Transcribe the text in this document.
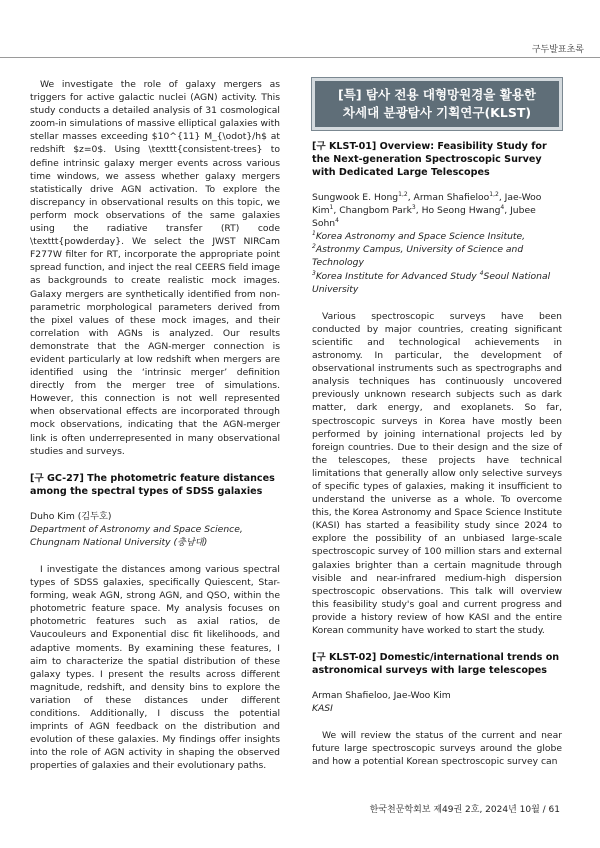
구두발표초록

We investigate the role of galaxy mergers as triggers for active galactic nuclei (AGN) activity. This study conducts a detailed analysis of 31 cosmological zoom-in simulations of massive elliptical galaxies with stellar masses exceeding $10^{11} M_{\odot}/h$ at redshift $z=0$. Using \texttt{consistent-trees} to define intrinsic galaxy merger events across various time windows, we assess whether galaxy mergers statistically drive AGN activation. To explore the discrepancy in observational results on this topic, we perform mock observations of the same galaxies using the radiative transfer (RT) code \texttt{powderday}. We select the JWST NIRCam F277W filter for RT, incorporate the appropriate point spread function, and inject the real CEERS field image as backgrounds to create realistic mock images. Galaxy mergers are synthetically identified from non-parametric morphological parameters derived from the pixel values of these mock images, and their correlation with AGNs is analyzed. Our results demonstrate that the AGN-merger connection is evident particularly at low redshift when mergers are identified using the ‘intrinsic merger’ definition directly from the merger tree of simulations. However, this connection is not well represented when observational effects are incorporated through mock observations, indicating that the AGN-merger link is often underrepresented in many observational studies and surveys.

[구 GC-27] The photometric feature distances among the spectral types of SDSS galaxies

Duho Kim (김두호)

Department of Astronomy and Space Science,
Chungnam National University (충남대)

I investigate the distances among various spectral types of SDSS galaxies, specifically Quiescent, Star-forming, weak AGN, strong AGN, and QSO, within the photometric feature space. My analysis focuses on photometric features such as axial ratios, de Vaucouleurs and Exponential disc fit likelihoods, and adaptive moments. By examining these features, I aim to characterize the spatial distribution of these galaxy types. I present the results across different magnitude, redshift, and density bins to explore the variation of these distances under different conditions. Additionally, I discuss the potential imprints of AGN feedback on the distribution and evolution of these galaxies. My findings offer insights into the role of AGN activity in shaping the observed properties of galaxies and their evolutionary paths.

[특] 탐사 전용 대형망원경을 활용한
차세대 분광탐사 기획연구(KLST)
[구 KLST-01] Overview: Feasibility Study for the Next-generation Spectroscopic Survey with Dedicated Large Telescopes

Sungwook E. Hong$^{1,2}$, Arman Shafieloo$^{1,2}$, Jae-Woo Kim$^1$, Changbom Park$^3$, Ho Seong Hwang$^4$, Jubee Sohn$^4$

$^1$Korea Astronomy and Space Science Insitute,
$^2$Astronmy Campus, University of Science and Technology
$^3$Korea Institute for Advanced Study $^4$Seoul National University

Various spectroscopic surveys have been conducted by major countries, creating significant scientific and technological achievements in astronomy. In particular, the development of observational instruments such as spectrographs and analysis techniques has continuously uncovered previously unknown research subjects such as dark matter, dark energy, and exoplanets. So far, spectroscopic surveys in Korea have mostly been performed by joining international projects led by foreign countries. Due to their design and the size of the telescopes, these projects have technical limitations that generally allow only selective surveys of specific types of galaxies, making it insufficient to understand the universe as a whole. To overcome this, the Korea Astronomy and Space Science Institute (KASI) has started a feasibility study since 2024 to explore the possibility of an unbiased large-scale spectroscopic survey of 100 million stars and external galaxies brighter than a certain magnitude through visible and near-infrared medium-high dispersion spectroscopic observations. This talk will overview this feasibility study's goal and current progress and provide a history review of how KASI and the entire Korean community have worked to start the study.

[구 KLST-02] Domestic/international trends on astronomical surveys with large telescopes

Arman Shafieloo, Jae-Woo Kim

KASI

We will review the status of the current and near future large spectroscopic surveys around the globe and how a potential Korean spectroscopic survey can

한국천문학회보 제49권 2호, 2024년 10월 / 61
